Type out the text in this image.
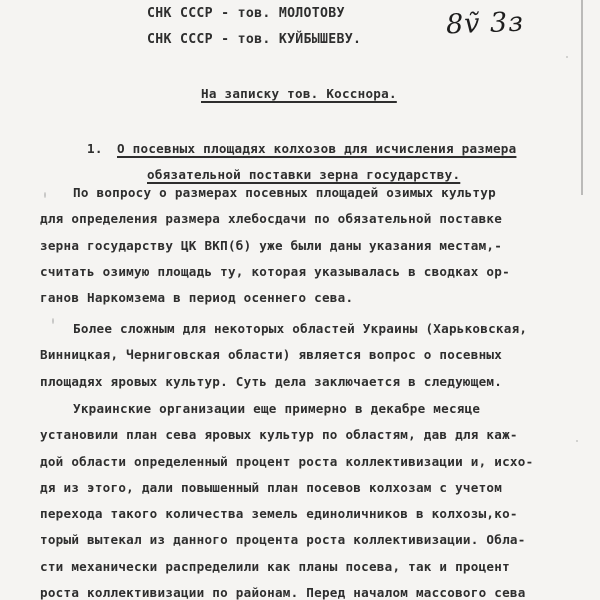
СНК СССР - тов. МОЛОТОВУ
СНК СССР - тов. КУЙБЫШЕВУ.	8ṽ 3з
На записку тов. Косснора.
1. О посевных площадях колхозов для исчисления размера
обязательной поставки зерна государству.
По вопросу о размерах посевных площадей озимых культур
для определения размера хлебосдачи по обязательной поставке
зерна государству ЦК ВКП(б) уже были даны указания местам,-
считать озимую площадь ту, которая указывалась в сводках ор-
ганов Наркомзема в период осеннего сева.
Более сложным для некоторых областей Украины (Харьковская,
Винницкая, Черниговская области) является вопрос о посевных
площадях яровых культур. Суть дела заключается в следующем.
Украинские организации еще примерно в декабре месяце
установили план сева яровых культур по областям, дав для каж-
дой области определенный процент роста коллективизации и, исхо-
дя из этого, дали повышенный план посевов колхозам с учетом
перехода такого количества земель единоличников в колхозы,ко-
торый вытекал из данного процента роста коллективизации. Обла-
сти механически распределили как планы посева, так и процент
роста коллективизации по районам. Перед началом массового сева
